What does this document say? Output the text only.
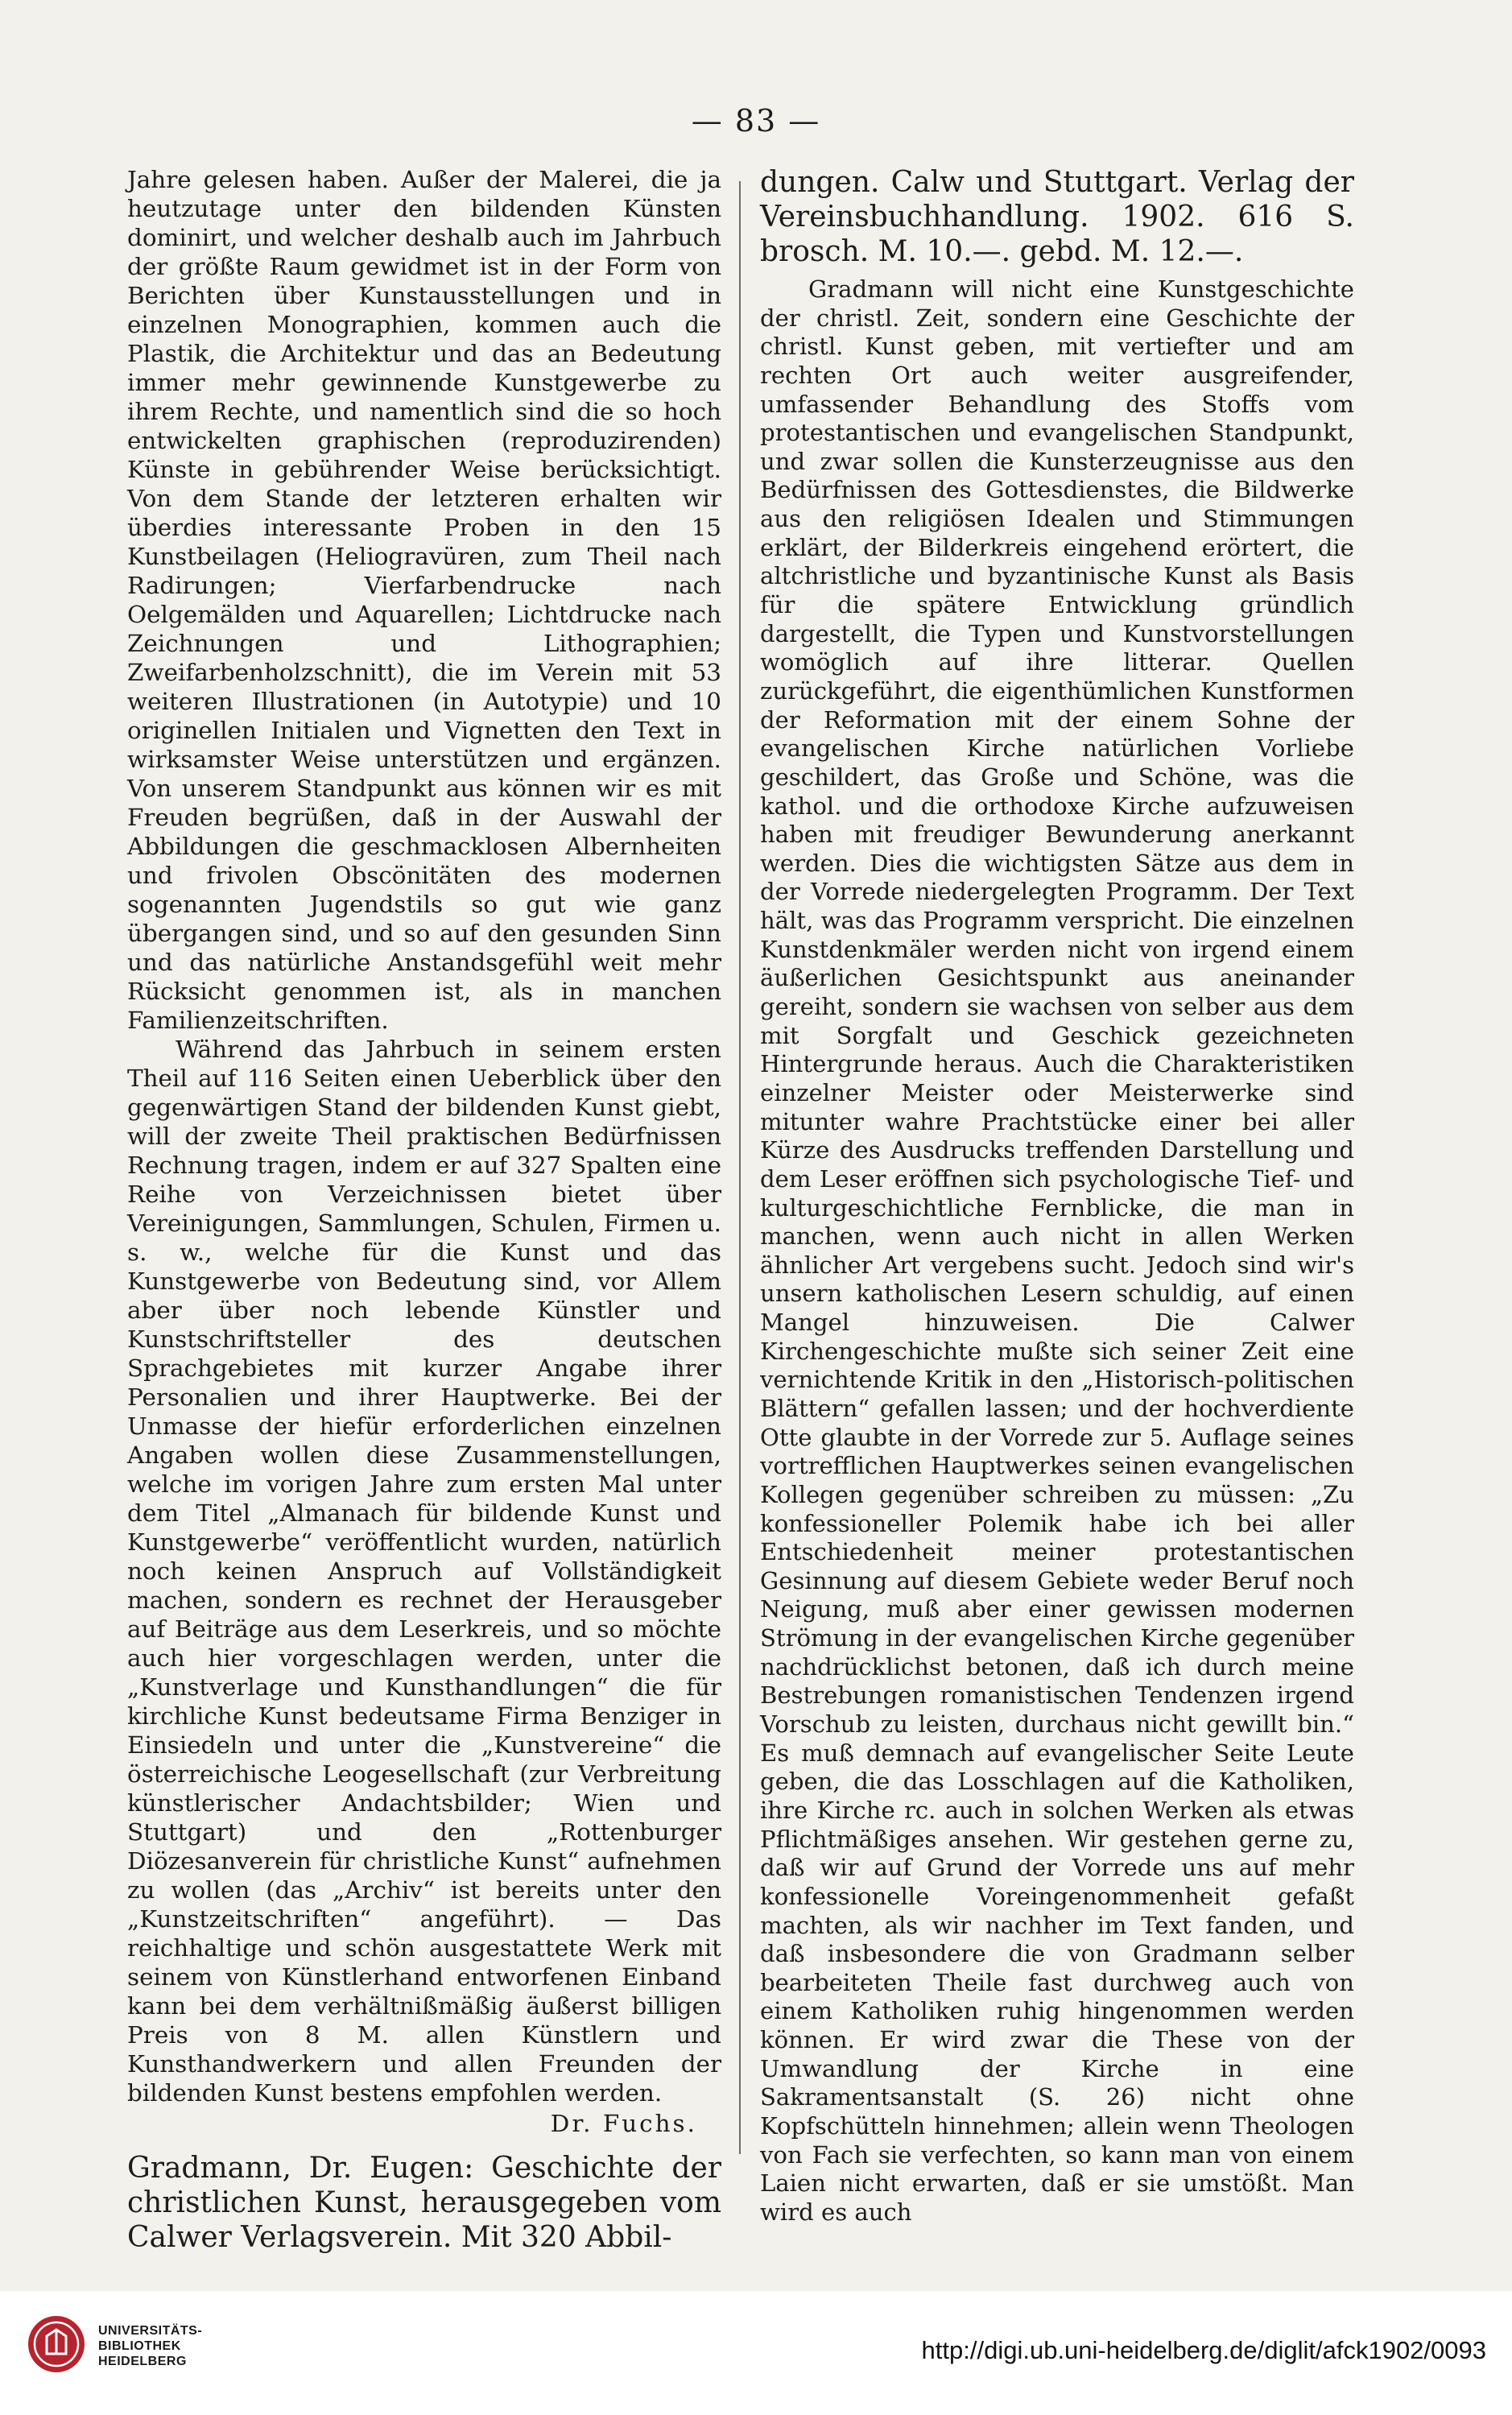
— 83 —

Jahre gelesen haben. Außer der Malerei, die ja heutzutage unter den bildenden Künsten dominirt, und welcher deshalb auch im Jahrbuch der größte Raum gewidmet ist in der Form von Berichten über Kunstausstellungen und in einzelnen Monographien, kommen auch die Plastik, die Architektur und das an Bedeutung immer mehr gewinnende Kunstgewerbe zu ihrem Rechte, und namentlich sind die so hoch entwickelten graphischen (reproduzirenden) Künste in gebührender Weise berücksichtigt. Von dem Stande der letzteren erhalten wir überdies interessante Proben in den 15 Kunstbeilagen (Heliogravüren, zum Theil nach Radirungen; Vierfarbendrucke nach Oelgemälden und Aquarellen; Lichtdrucke nach Zeichnungen und Lithographien; Zweifarbenholzschnitt), die im Verein mit 53 weiteren Illustrationen (in Autotypie) und 10 originellen Initialen und Vignetten den Text in wirksamster Weise unterstützen und ergänzen. Von unserem Standpunkt aus können wir es mit Freuden begrüßen, daß in der Auswahl der Abbildungen die geschmacklosen Albernheiten und frivolen Obscönitäten des modernen sogenannten Jugendstils so gut wie ganz übergangen sind, und so auf den gesunden Sinn und das natürliche Anstandsgefühl weit mehr Rücksicht genommen ist, als in manchen Familienzeitschriften.

Während das Jahrbuch in seinem ersten Theil auf 116 Seiten einen Ueberblick über den gegenwärtigen Stand der bildenden Kunst giebt, will der zweite Theil praktischen Bedürfnissen Rechnung tragen, indem er auf 327 Spalten eine Reihe von Verzeichnissen bietet über Vereinigungen, Sammlungen, Schulen, Firmen u. s. w., welche für die Kunst und das Kunstgewerbe von Bedeutung sind, vor Allem aber über noch lebende Künstler und Kunstschriftsteller des deutschen Sprachgebietes mit kurzer Angabe ihrer Personalien und ihrer Hauptwerke. Bei der Unmasse der hiefür erforderlichen einzelnen Angaben wollen diese Zusammenstellungen, welche im vorigen Jahre zum ersten Mal unter dem Titel „Almanach für bildende Kunst und Kunstgewerbe“ veröffentlicht wurden, natürlich noch keinen Anspruch auf Vollständigkeit machen, sondern es rechnet der Herausgeber auf Beiträge aus dem Leserkreis, und so möchte auch hier vorgeschlagen werden, unter die „Kunstverlage und Kunsthandlungen“ die für kirchliche Kunst bedeutsame Firma Benziger in Einsiedeln und unter die „Kunstvereine“ die österreichische Leogesellschaft (zur Verbreitung künstlerischer Andachtsbilder; Wien und Stuttgart) und den „Rottenburger Diözesanverein für christliche Kunst“ aufnehmen zu wollen (das „Archiv“ ist bereits unter den „Kunstzeitschriften“ angeführt). — Das reichhaltige und schön ausgestattete Werk mit seinem von Künstlerhand entworfenen Einband kann bei dem verhältnißmäßig äußerst billigen Preis von 8 M. allen Künstlern und Kunsthandwerkern und allen Freunden der bildenden Kunst bestens empfohlen werden.

Dr. Fuchs.

Gradmann, Dr. Eugen: Geschichte der christlichen Kunst, herausgegeben vom Calwer Verlagsverein. Mit 320 Abbil-

dungen. Calw und Stuttgart. Verlag der Vereinsbuchhandlung. 1902. 616 S. brosch. M. 10.—. gebd. M. 12.—.

Gradmann will nicht eine Kunstgeschichte der christl. Zeit, sondern eine Geschichte der christl. Kunst geben, mit vertiefter und am rechten Ort auch weiter ausgreifender, umfassender Behandlung des Stoffs vom protestantischen und evangelischen Standpunkt, und zwar sollen die Kunsterzeugnisse aus den Bedürfnissen des Gottesdienstes, die Bildwerke aus den religiösen Idealen und Stimmungen erklärt, der Bilderkreis eingehend erörtert, die altchristliche und byzantinische Kunst als Basis für die spätere Entwicklung gründlich dargestellt, die Typen und Kunstvorstellungen womöglich auf ihre litterar. Quellen zurückgeführt, die eigenthümlichen Kunstformen der Reformation mit der einem Sohne der evangelischen Kirche natürlichen Vorliebe geschildert, das Große und Schöne, was die kathol. und die orthodoxe Kirche aufzuweisen haben mit freudiger Bewunderung anerkannt werden. Dies die wichtigsten Sätze aus dem in der Vorrede niedergelegten Programm. Der Text hält, was das Programm verspricht. Die einzelnen Kunstdenkmäler werden nicht von irgend einem äußerlichen Gesichtspunkt aus aneinander gereiht, sondern sie wachsen von selber aus dem mit Sorgfalt und Geschick gezeichneten Hintergrunde heraus. Auch die Charakteristiken einzelner Meister oder Meisterwerke sind mitunter wahre Prachtstücke einer bei aller Kürze des Ausdrucks treffenden Darstellung und dem Leser eröffnen sich psychologische Tief- und kulturgeschichtliche Fernblicke, die man in manchen, wenn auch nicht in allen Werken ähnlicher Art vergebens sucht. Jedoch sind wir's unsern katholischen Lesern schuldig, auf einen Mangel hinzuweisen. Die Calwer Kirchengeschichte mußte sich seiner Zeit eine vernichtende Kritik in den „Historisch-politischen Blättern“ gefallen lassen; und der hochverdiente Otte glaubte in der Vorrede zur 5. Auflage seines vortrefflichen Hauptwerkes seinen evangelischen Kollegen gegenüber schreiben zu müssen: „Zu konfessioneller Polemik habe ich bei aller Entschiedenheit meiner protestantischen Gesinnung auf diesem Gebiete weder Beruf noch Neigung, muß aber einer gewissen modernen Strömung in der evangelischen Kirche gegenüber nachdrücklichst betonen, daß ich durch meine Bestrebungen romanistischen Tendenzen irgend Vorschub zu leisten, durchaus nicht gewillt bin.“ Es muß demnach auf evangelischer Seite Leute geben, die das Losschlagen auf die Katholiken, ihre Kirche rc. auch in solchen Werken als etwas Pflichtmäßiges ansehen. Wir gestehen gerne zu, daß wir auf Grund der Vorrede uns auf mehr konfessionelle Voreingenommenheit gefaßt machten, als wir nachher im Text fanden, und daß insbesondere die von Gradmann selber bearbeiteten Theile fast durchweg auch von einem Katholiken ruhig hingenommen werden können. Er wird zwar die These von der Umwandlung der Kirche in eine Sakramentsanstalt (S. 26) nicht ohne Kopfschütteln hinnehmen; allein wenn Theologen von Fach sie verfechten, so kann man von einem Laien nicht erwarten, daß er sie umstößt. Man wird es auch

UNIVERSITÄTS-
BIBLIOTHEK
HEIDELBERG	http://digi.ub.uni-heidelberg.de/diglit/afck1902/0093
